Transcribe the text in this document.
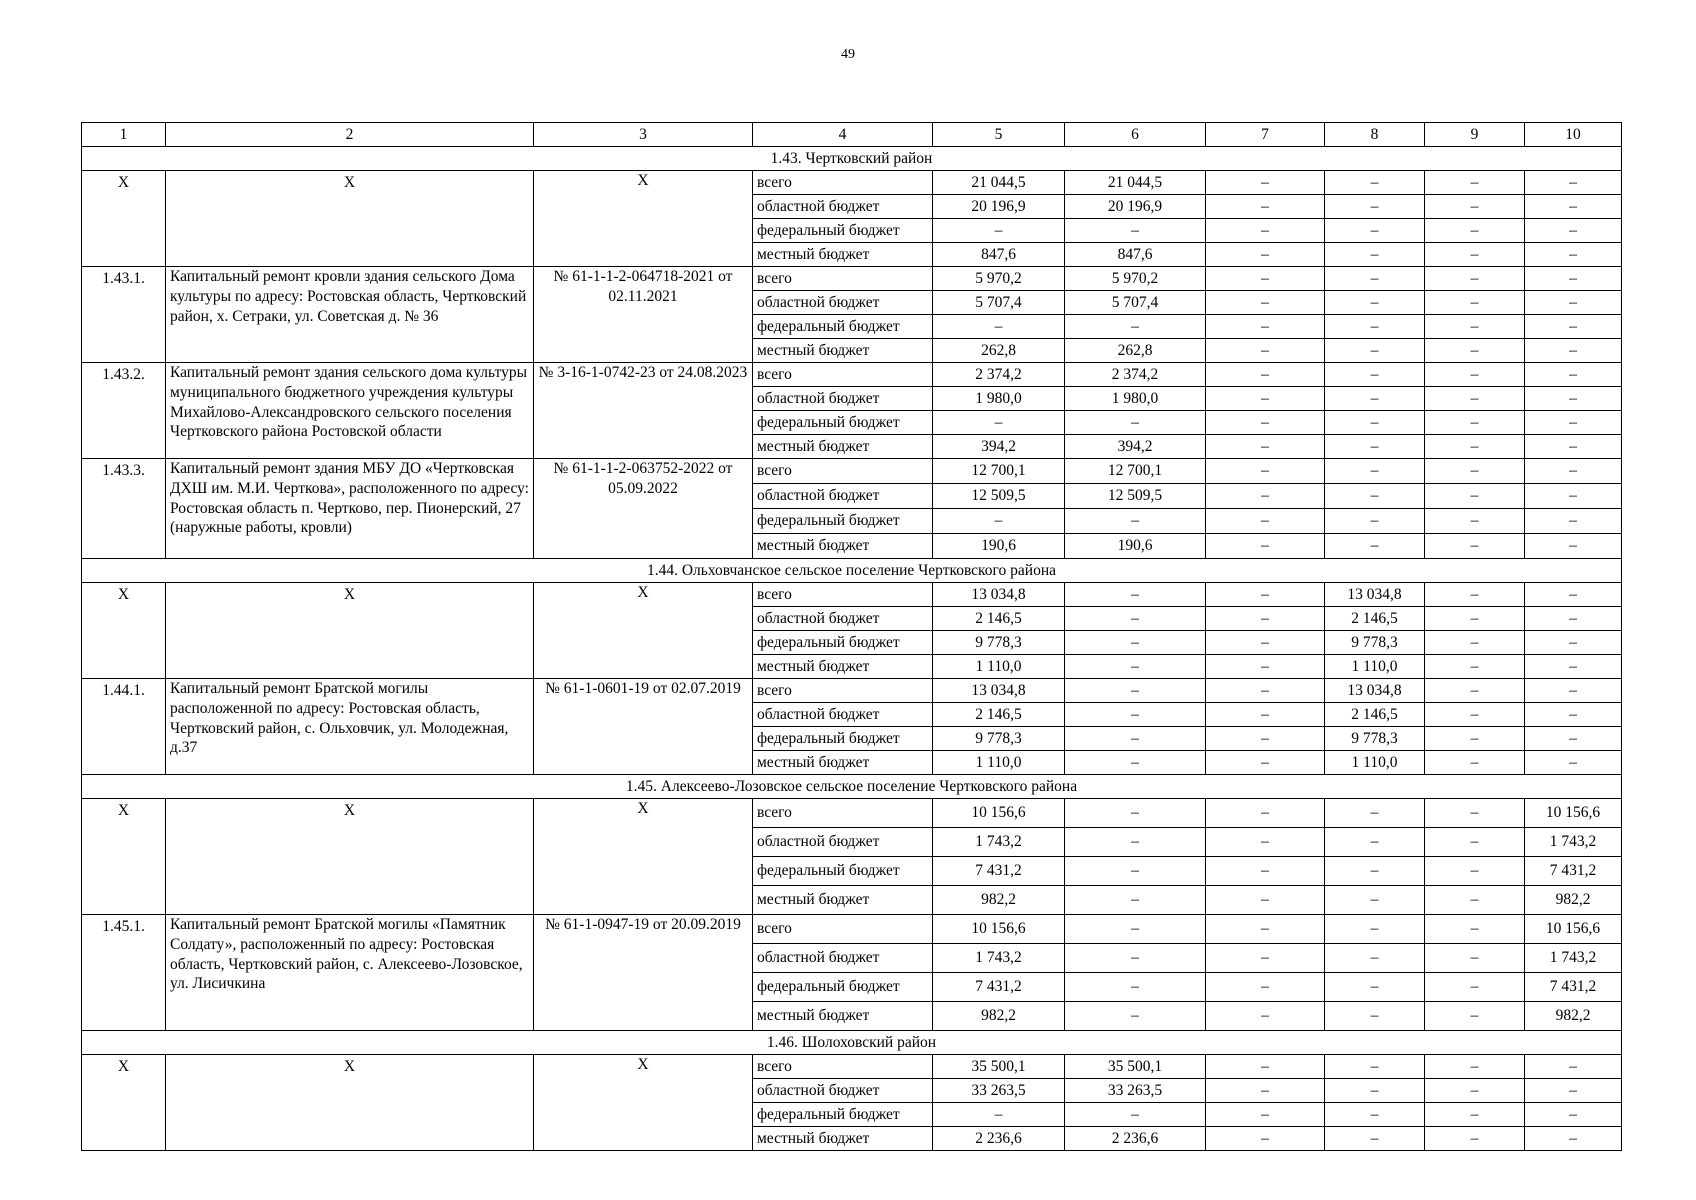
49
1	2	3	4	5	6	7	8	9	10
1.43. Чертковский район									
X	X	X	всего	21 044,5	21 044,5	–	–	–	–
			областной бюджет	20 196,9	20 196,9	–	–	–	–
			федеральный бюджет	–	–	–	–	–	–
			местный бюджет	847,6	847,6	–	–	–	–
1.43.1.	Капитальный ремонт кровли здания сельского Дома культуры по адресу: Ростовская область, Чертковский район, х. Сетраки, ул. Советская д. № 36	№ 61-1-1-2-064718-2021 от 02.11.2021	всего	5 970,2	5 970,2	–	–	–	–
			областной бюджет	5 707,4	5 707,4	–	–	–	–
			федеральный бюджет	–	–	–	–	–	–
			местный бюджет	262,8	262,8	–	–	–	–
1.43.2.	Капитальный ремонт здания сельского дома культуры муниципального бюджетного учреждения культуры Михайлово-Александровского сельского поселения Чертковского района Ростовской области	№ 3-16-1-0742-23 от 24.08.2023	всего	2 374,2	2 374,2	–	–	–	–
			областной бюджет	1 980,0	1 980,0	–	–	–	–
			федеральный бюджет	–	–	–	–	–	–
			местный бюджет	394,2	394,2	–	–	–	–
1.43.3.	Капитальный ремонт здания МБУ ДО «Чертковская ДХШ им. М.И. Черткова», расположенного по адресу: Ростовская область п. Чертково, пер. Пионерский, 27 (наружные работы, кровли)	№ 61-1-1-2-063752-2022 от 05.09.2022	всего	12 700,1	12 700,1	–	–	–	–
			областной бюджет	12 509,5	12 509,5	–	–	–	–
			федеральный бюджет	–	–	–	–	–	–
			местный бюджет	190,6	190,6	–	–	–	–
1.44. Ольховчанское сельское поселение Чертковского района									
X	X	X	всего	13 034,8	–	–	13 034,8	–	–
			областной бюджет	2 146,5	–	–	2 146,5	–	–
			федеральный бюджет	9 778,3	–	–	9 778,3	–	–
			местный бюджет	1 110,0	–	–	1 110,0	–	–
1.44.1.	Капитальный ремонт Братской могилы расположенной по адресу: Ростовская область, Чертковский район, с. Ольховчик, ул. Молодежная, д.37	№ 61-1-0601-19 от 02.07.2019	всего	13 034,8	–	–	13 034,8	–	–
			областной бюджет	2 146,5	–	–	2 146,5	–	–
			федеральный бюджет	9 778,3	–	–	9 778,3	–	–
			местный бюджет	1 110,0	–	–	1 110,0	–	–
1.45. Алексеево-Лозовское сельское поселение Чертковского района									
X	X	X	всего	10 156,6	–	–	–	–	10 156,6
			областной бюджет	1 743,2	–	–	–	–	1 743,2
			федеральный бюджет	7 431,2	–	–	–	–	7 431,2
			местный бюджет	982,2	–	–	–	–	982,2
1.45.1.	Капитальный ремонт Братской могилы «Памятник Солдату», расположенный по адресу: Ростовская область, Чертковский район, с. Алексеево-Лозовское, ул. Лисичкина	№ 61-1-0947-19 от 20.09.2019	всего	10 156,6	–	–	–	–	10 156,6
			областной бюджет	1 743,2	–	–	–	–	1 743,2
			федеральный бюджет	7 431,2	–	–	–	–	7 431,2
			местный бюджет	982,2	–	–	–	–	982,2
1.46. Шолоховский район									
X	X	X	всего	35 500,1	35 500,1	–	–	–	–
			областной бюджет	33 263,5	33 263,5	–	–	–	–
			федеральный бюджет	–	–	–	–	–	–
			местный бюджет	2 236,6	2 236,6	–	–	–	–
